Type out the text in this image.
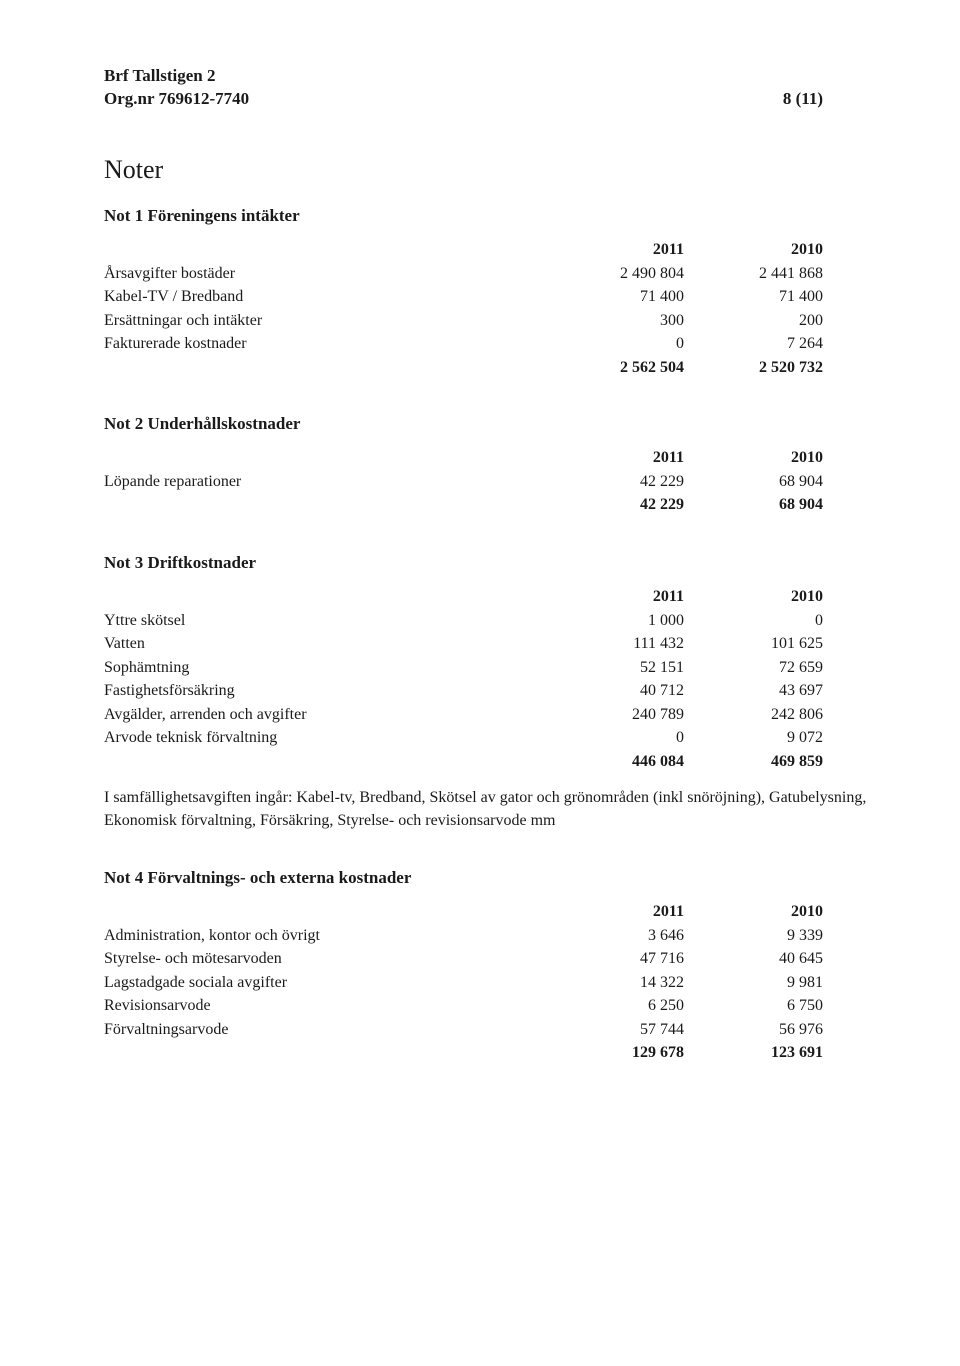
Brf Tallstigen 2
Org.nr 769612-7740	8 (11)
Noter
Not 1 Föreningens intäkter
2011	2010
Årsavgifter bostäder	2 490 804	2 441 868
Kabel-TV / Bredband	71 400	71 400
Ersättningar och intäkter	300	200
Fakturerade kostnader	0	7 264
2 562 504	2 520 732
Not 2 Underhållskostnader
2011	2010
Löpande reparationer	42 229	68 904
42 229	68 904
Not 3 Driftkostnader
2011	2010
Yttre skötsel	1 000	0
Vatten	111 432	101 625
Sophämtning	52 151	72 659
Fastighetsförsäkring	40 712	43 697
Avgälder, arrenden och avgifter	240 789	242 806
Arvode teknisk förvaltning	0	9 072
446 084	469 859
I samfällighetsavgiften ingår: Kabel-tv, Bredband, Skötsel av gator och grönområden (inkl snöröjning), Gatubelysning, Ekonomisk förvaltning, Försäkring, Styrelse- och revisionsarvode mm
Not 4 Förvaltnings- och externa kostnader
2011	2010
Administration, kontor och övrigt	3 646	9 339
Styrelse- och mötesarvoden	47 716	40 645
Lagstadgade sociala avgifter	14 322	9 981
Revisionsarvode	6 250	6 750
Förvaltningsarvode	57 744	56 976
129 678	123 691
